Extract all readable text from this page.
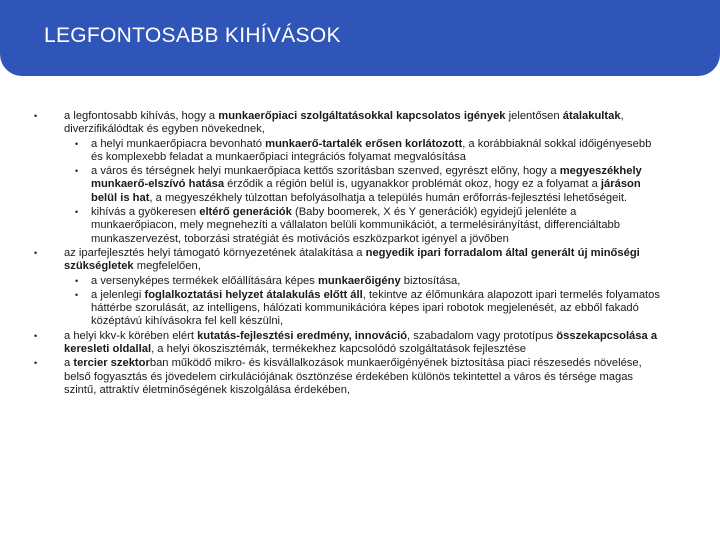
LEGFONTOSABB KIHÍVÁSOK
• a legfontosabb kihívás, hogy a munkaerőpiaci szolgáltatásokkal kapcsolatos igények jelentősen átalakultak, diverzifikálódtak és egyben növekednek,
• a helyi munkaerőpiacra bevonható munkaerő-tartalék erősen korlátozott, a korábbiaknál sokkal időigényesebb és komplexebb feladat a munkaerőpiaci integrációs folyamat megvalósítása
• a város és térségnek helyi munkaerőpiaca kettős szorításban szenved, egyrészt előny, hogy a megyeszékhely munkaerő-elszívó hatása érződik a régión belül is, ugyanakkor problémát okoz, hogy ez a folyamat a járáson belül is hat, a megyeszékhely túlzottan befolyásolhatja a település humán erőforrás-fejlesztési lehetőségeit.
• kihívás a gyökeresen eltérő generációk (Baby boomerek, X és Y generációk) egyidejű jelenléte a munkaerőpiacon, mely megnehezíti a vállalaton belüli kommunikációt, a termelésirányítást, differenciáltabb munkaszervezést, toborzási stratégiát és motivációs eszközparkot igényel a jövőben
• az iparfejlesztés helyi támogató környezetének átalakítása a negyedik ipari forradalom által generált új minőségi szükségletek megfelelően,
• a versenyképes termékek előállítására képes munkaerőigény biztosítása,
• a jelenlegi foglalkoztatási helyzet átalakulás előtt áll, tekintve az élőmunkára alapozott ipari termelés folyamatos háttérbe szorulását, az intelligens, hálózati kommunikációra képes ipari robotok megjelenését, az ebből fakadó középtávú kihívásokra fel kell készülni,
• a helyi kkv-k körében elért kutatás-fejlesztési eredmény, innováció, szabadalom vagy prototípus összekapcsolása a keresleti oldallal, a helyi ökoszisztémák, termékekhez kapcsolódó szolgáltatások fejlesztése
• a tercier szektorban működő mikro- és kisvállalkozások munkaerőigényének biztosítása piaci részesedés növelése, belső fogyasztás és jövedelem cirkulációjának ösztönzése érdekében különös tekintettel a város és térsége magas szintű, attraktív életminőségének kiszolgálása érdekében,
